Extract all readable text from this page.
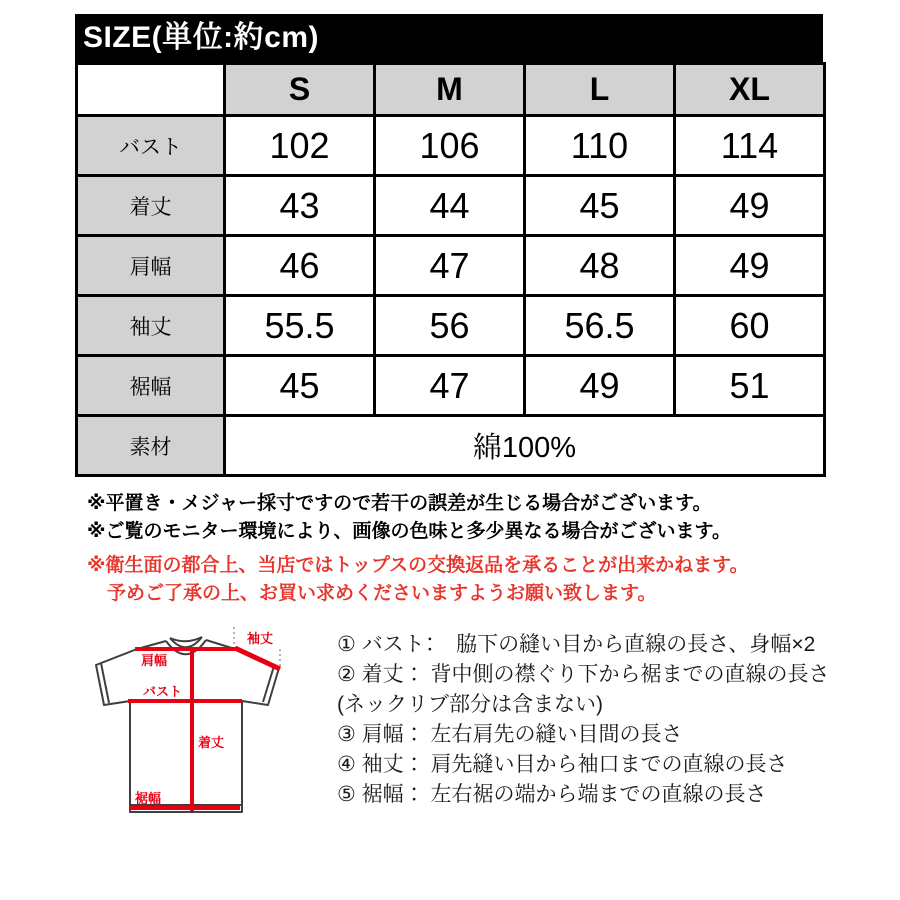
SIZE(単位:約cm)
	S	M	L	XL
バスト	102	106	110	114
着丈	43	44	45	49
肩幅	46	47	48	49
袖丈	55.5	56	56.5	60
裾幅	45	47	49	51
素材	綿100%			
※平置き・メジャー採寸ですので若干の誤差が生じる場合がございます。
※ご覧のモニター環境により、画像の色味と多少異なる場合がございます。
※衛生面の都合上、当店ではトップスの交換返品を承ることが出来かねます。
予めご了承の上、お買い求めくださいますようお願い致します。
肩幅
バスト
着丈
裾幅
袖丈	① バスト：　脇下の縫い目から直線の長さ、身幅×2
② 着丈： 背中側の襟ぐり下から裾までの直線の長さ
(ネックリブ部分は含まない)
③ 肩幅： 左右肩先の縫い目間の長さ
④ 袖丈： 肩先縫い目から袖口までの直線の長さ
⑤ 裾幅： 左右裾の端から端までの直線の長さ
